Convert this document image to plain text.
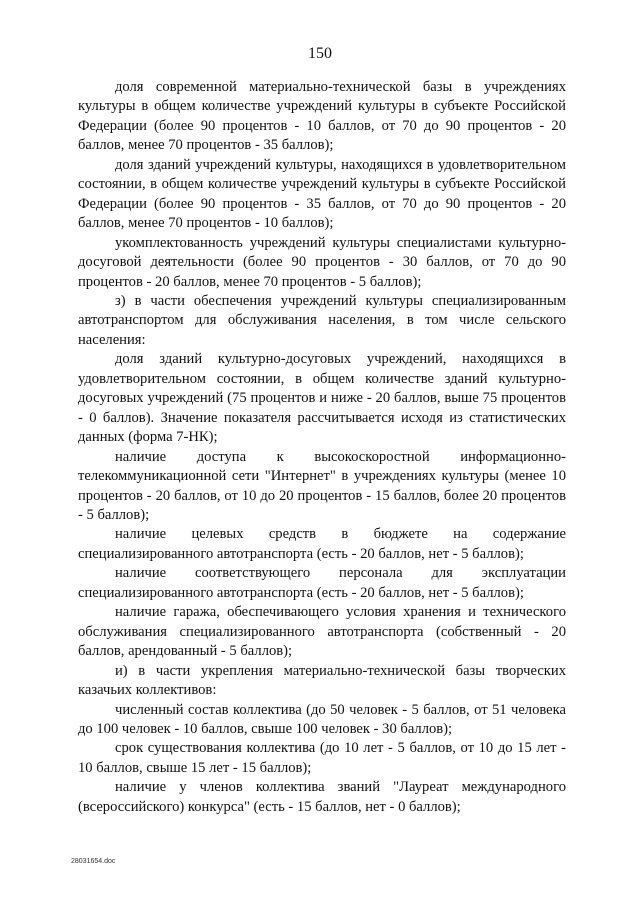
150

доля современной материально-технической базы в учреждениях культуры в общем количестве учреждений культуры в субъекте Российской Федерации (более 90 процентов - 10 баллов, от 70 до 90 процентов - 20 баллов, менее 70 процентов - 35 баллов);

доля зданий учреждений культуры, находящихся в удовлетворительном состоянии, в общем количестве учреждений культуры в субъекте Российской Федерации (более 90 процентов - 35 баллов, от 70 до 90 процентов - 20 баллов, менее 70 процентов - 10 баллов);

укомплектованность учреждений культуры специалистами культурно-досуговой деятельности (более 90 процентов - 30 баллов, от 70 до 90 процентов - 20 баллов, менее 70 процентов - 5 баллов);

з) в части обеспечения учреждений культуры специализированным автотранспортом для обслуживания населения, в том числе сельского населения:

доля зданий культурно-досуговых учреждений, находящихся в удовлетворительном состоянии, в общем количестве зданий культурно-досуговых учреждений (75 процентов и ниже - 20 баллов, выше 75 процентов - 0 баллов). Значение показателя рассчитывается исходя из статистических данных (форма 7-НК);

наличие доступа к высокоскоростной информационно-телекоммуникационной сети "Интернет" в учреждениях культуры (менее 10 процентов - 20 баллов, от 10 до 20 процентов - 15 баллов, более 20 процентов - 5 баллов);

наличие целевых средств в бюджете на содержание специализированного автотранспорта (есть - 20 баллов, нет - 5 баллов);

наличие соответствующего персонала для эксплуатации специализированного автотранспорта (есть - 20 баллов, нет - 5 баллов);

наличие гаража, обеспечивающего условия хранения и технического обслуживания специализированного автотранспорта (собственный - 20 баллов, арендованный - 5 баллов);

и) в части укрепления материально-технической базы творческих казачьих коллективов:

численный состав коллектива (до 50 человек - 5 баллов, от 51 человека до 100 человек - 10 баллов, свыше 100 человек - 30 баллов);

срок существования коллектива (до 10 лет - 5 баллов, от 10 до 15 лет - 10 баллов, свыше 15 лет - 15 баллов);

наличие у членов коллектива званий "Лауреат международного (всероссийского) конкурса" (есть - 15 баллов, нет - 0 баллов);

28031654.doc
